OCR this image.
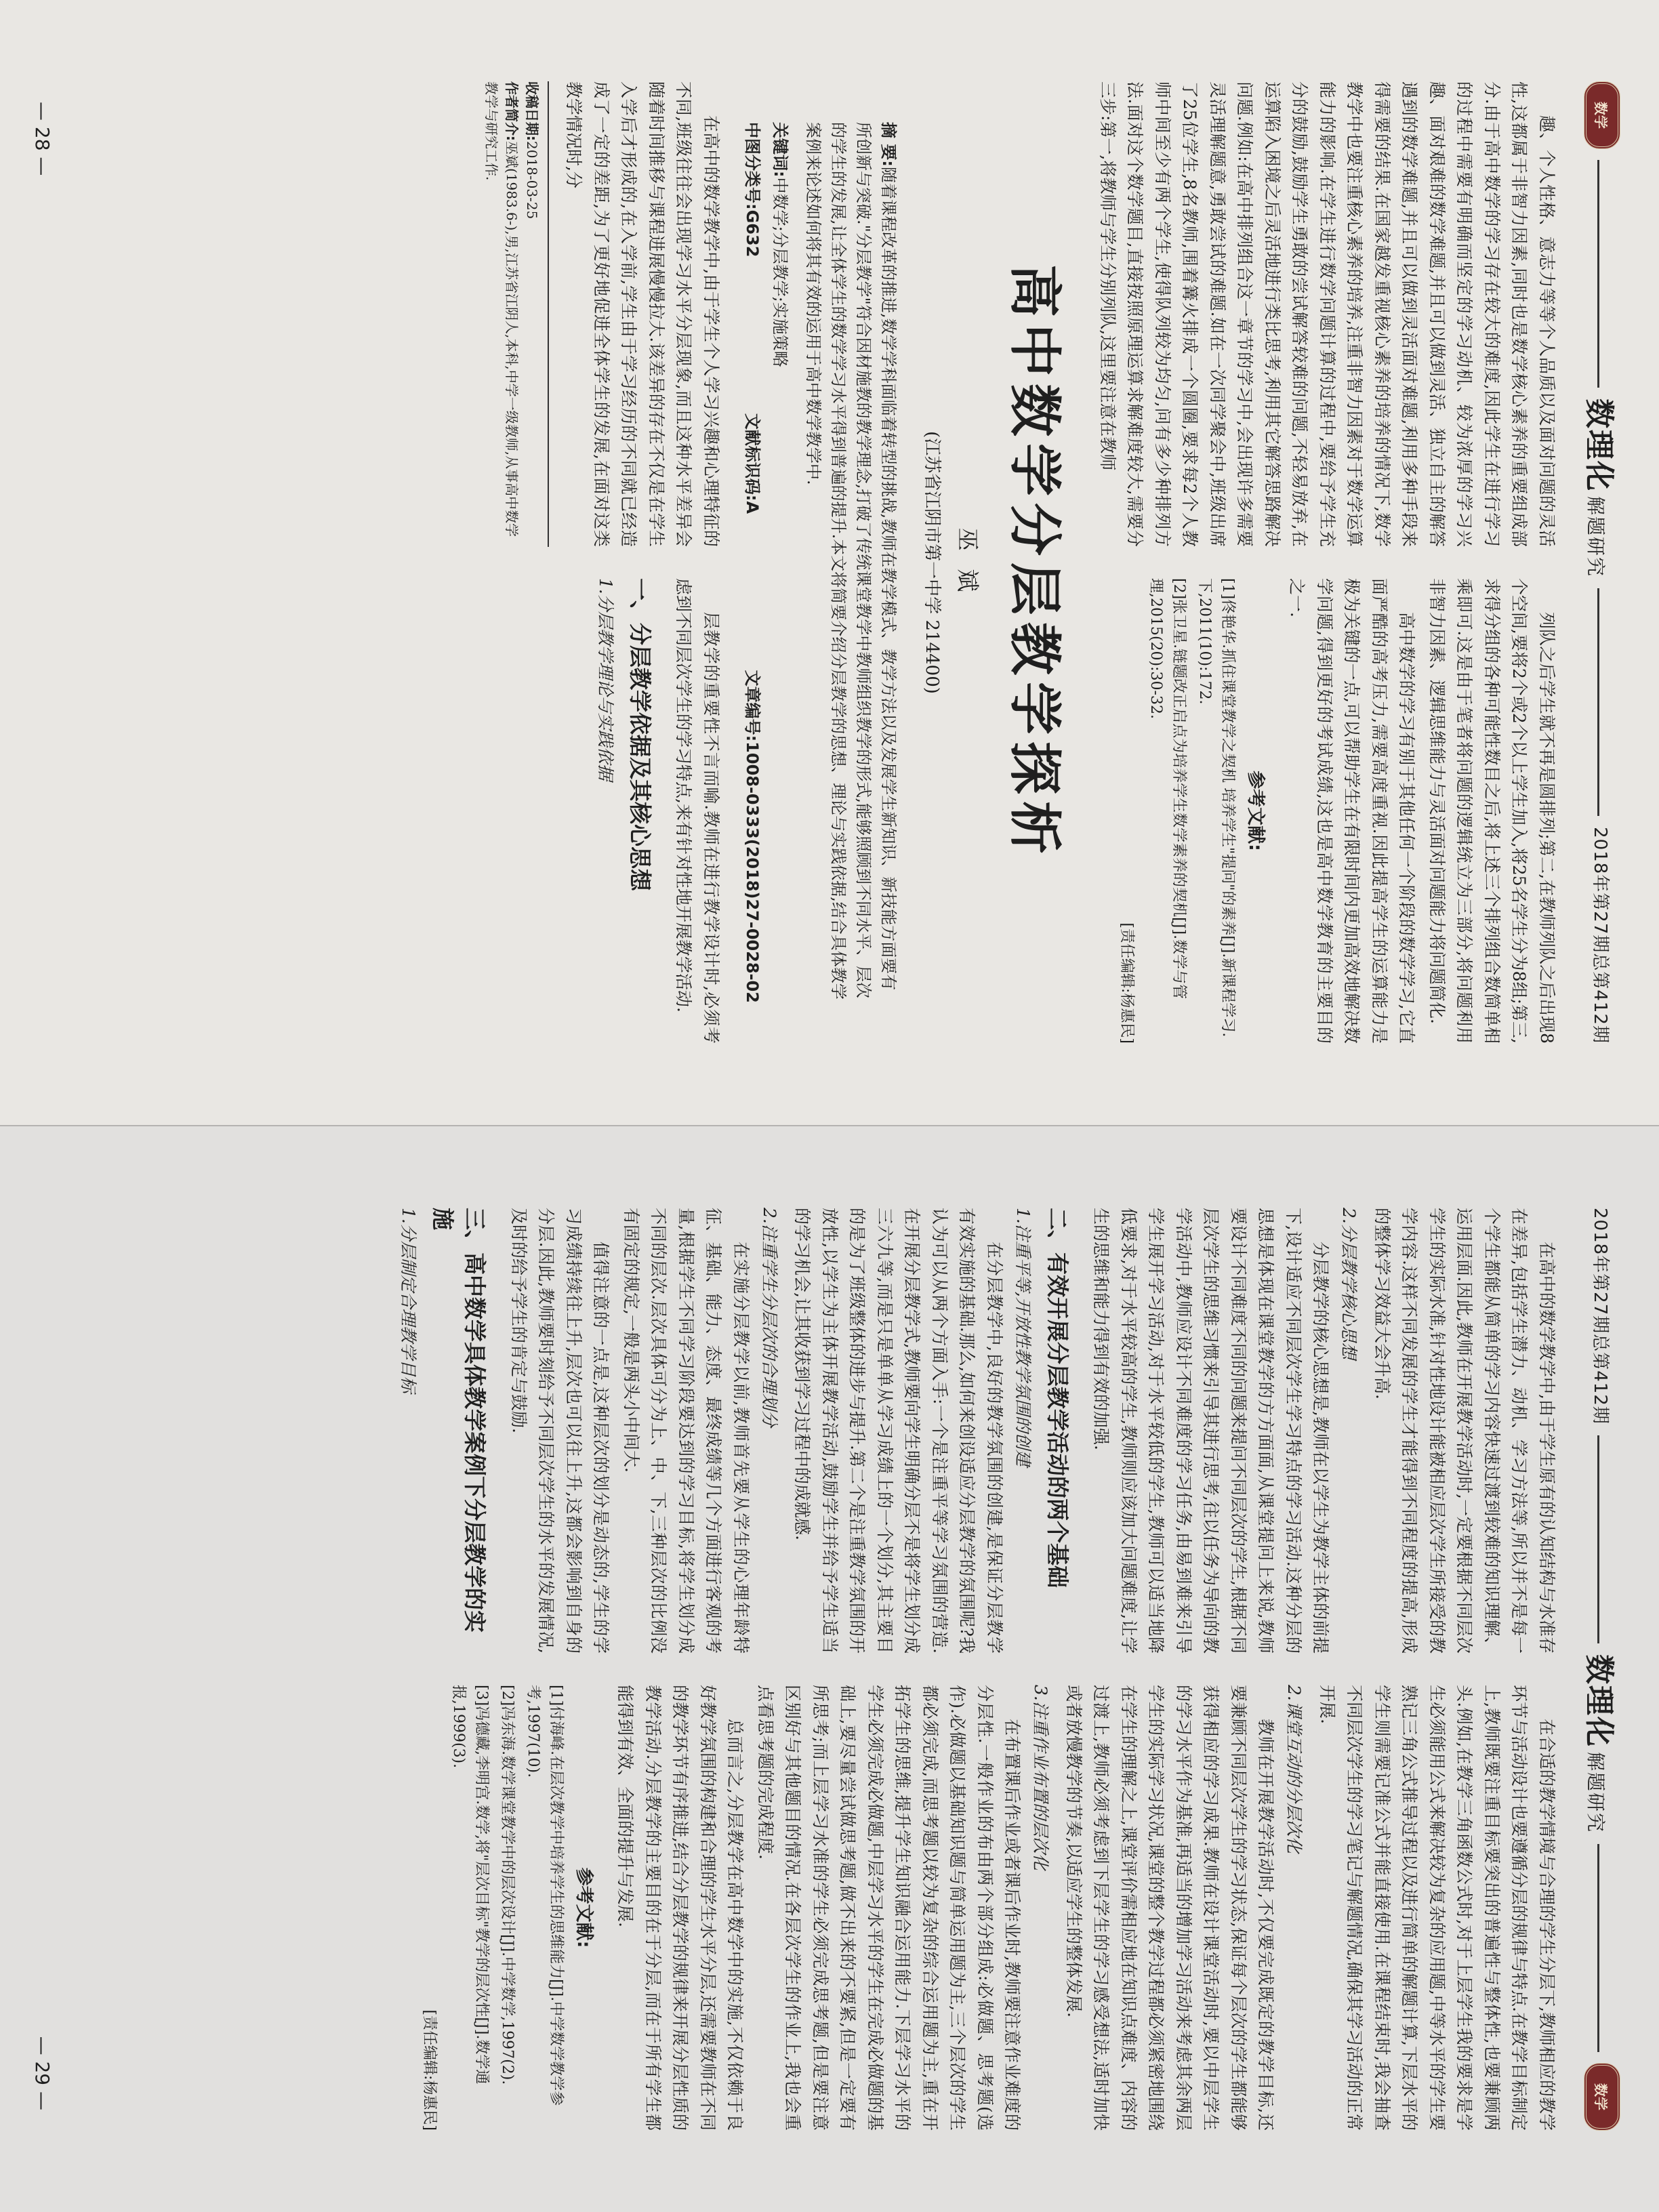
数学
数理化解题研究
2018年第27期总第412期

趣、个人性格、意志力等等个人品质以及面对问题的灵活性,这都属于非智力因素,同时也是数学核心素养的重要组成部分.由于高中数学的学习存在较大的难度,因此学生在进行学习的过程中需要有明确而坚定的学习动机、较为浓厚的学习兴趣、面对艰难的数学难题,并且可以做到灵活、独立自主的解答遇到的数学难题,并且可以做到灵活面对难题,利用多种手段来得需要的结果.在国家越发重视核心素养的培养的情况下,数学教学中也要注重核心素养的培养,注重非智力因素对于数学运算能力的影响.在学生进行数学问题计算的过程中,要给予学生充分的鼓励,鼓励学生勇敢的尝试解答较难的问题,不轻易放弃,在运算陷入困境之后灵活地进行类比思考,利用其它解答思路解决问题.例如:在高中排列组合这一章节的学习中,会出现许多需要灵活理解题意,勇敢尝试的难题.如在一次同学聚会中,班级出席了25位学生,8名教师,围着篝火排成一个圆圈,要求每2个人教师中间至少有两个学生,使得队列较为均匀,问有多少种排列方法.面对这个数学题目,直接按照原理运算求解难度较大,需要分三步:第一,将教师与学生分别列队,这里要注意在教师

列队之后学生就不再是圆排列;第二,在教师列队之后出现8个空间,要将2个或2个以上学生加入,将25名学生分为8组;第三,求得分组的各种可能性数目之后,将上述三个排列组合数简单相乘即可.这是由于笔者将问题的逻辑统立为三部分,将问题利用非智力因素、逻辑思维能力与灵活面对问题能力将问题简化.

高中数学的学习有别于其他任何一个阶段的数学学习,它直面严酷的高考压力,需要高度重视.因此提高学生的运算能力是极为关键的一点,可以帮助学生在有限时间内更加高效地解决数学问题,得到更好的考试成绩,这也是高中数学教育的主要目的之一.

参考文献:

[1]佟艳华.抓住课堂教学之契机 培养学生"提问"的素养[J].新课程学习.下,2011(10):172.

[2]张卫星.链题改正启点为培养学生数学素养的契机[J].数学与管理,2015(20):30-32.

[责任编辑:杨惠民]
高中数学分层教学探析
巫 斌
(江苏省江阴市第一中学 214400)
摘 要:随着课程改革的推进,数学学科面临着转型的挑战,教师在教学模式、教学方法以及发展学生新知识、新技能方面要有所创新与突破."分层教学"符合因材施教的教学理念,打破了传统课堂教学中教师组织教学的形式,能够照顾到不同水平、层次的学生的发展,让全体学生的数学学习水平得到普遍的提升.本文将简要介绍分层教学的思想、理论与实践依据,结合具体教学案例来论述如何将其有效的运用于高中数学教学中.
关键词:中数学;分层教学;实施策略
中图分类号:G632
文献标识码:A
文章编号:1008-0333(2018)27-0028-02

在高中的数学教学中,由于学生个人学习兴趣和心理特征的不同,班级往往会出现学习水平分层现象,而且这种水平差异会随着时间推移与课程进展慢慢拉大.该差异的存在不仅是在学生入学后才形成的,在入学前,学生由于学习经历的不同就已经造成了一定的差距,为了更好地促进全体学生的发展,在面对这类教学情况时,分

收稿日期:2018-03-25
作者简介:巫斌(1983.6-),男,江苏省江阴人,本科,中学一级教师,从事高中数学教学与研究工作.

层教学的重要性不言而喻.教师在进行教学设计时,必须考虑到不同层次学生的学习特点,来有针对性地开展教学活动.

一、分层教学依据及其核心思想
1.分层教学理论与实践依据
— 28 —
2018年第27期总第412期
数理化解题研究
数学

在高中的数学教学中,由于学生原有的认知结构与水准存在差异,包括学生潜力、动机、学习方法等,所以并不是每一个学生都能从简单的学习内容快速过渡到较难的知识理解、运用层面.因此,教师在开展教学活动时,一定要根据不同层次学生的实际水准,针对性地设计能被相应层次学生所接受的教学内容.这样不同发展的学生才能得到不同程度的提高,形成的整体学习效益大会升高.

2.分层教学核心思想

分层教学的核心思想是,教师在以学生为教学主体的前提下,设计适应不同层次学生学习特点的学习活动.这种分层的思想是体现在课堂教学的方方面面,从课堂提问上来说,教师要设计不同难度不同的问题来提问不同层次的学生,根据不同层次学生的思维习惯来引导其进行思考,往以任务为导向的教学活动中,教师应设计不同难度的学习任务,由易到难来引导学生展开学习活动,对于水平较低的学生,教师可以适当地降低要求,对于水平较高的学生,教师则应该加大问题难度,让学生的思维和能力得到有效的加强.

二、有效开展分层教学活动的两个基础
1.注重平等,开放性教学氛围的创建

在分层教学中,良好的教学氛围的创建,是保证分层教学有效实施的基础.那么,如何来创设适应分层教学的氛围呢?我认为可以从两个方面入手:一个是注重平等学习氛围的营造.在开展分层教学式,教师要向学生明确分层不是将学生划分成三六九等,而是只是单单从学习成绩上的一个划分,其主要目的是为了班级整体的进步与提升.第二个是注重教学氛围的开放性,以学生为主体开展教学活动,鼓励学生并给予学生适当的学习机会,让其收获到学习过程中的成就感.

2.注重学生分层次的合理划分

在实施分层教学以前,教师首先要从学生的心理年龄特征、基础、能力、态度、最终成绩等几个方面进行客观的考量,根据学生不同学习阶段要达到的学习目标,将学生划分成不同的层次.层次具体可分为上、中、下,三种层次的比例没有固定的规定,一般是两头小中间大.

值得注意的一点是,这种层次的划分是动态的,学生的学习成绩持续往上升,层次也可以往上升,这都会影响到自身的分层.因此,教师要时刻给予不同层次学生的水平的发展情况,及时的给予学生的肯定与鼓励.

三、高中数学具体教学案例下分层教学的实施
1.分层制定合理教学目标

在合适的教学情境与合理的学生分层下,教师相应的教学环节与活动设计也要遵循分层的规律与特点.在教学目标制定上,教师既要注重目标要突出的普遍性与整体性,也要兼顾两头.例如,在教学三角函数公式时,对于上层学生我的要求是学生必须能用公式来解决较为复杂的应用题,中等水平的学生要熟记三角公式推导过程以及进行简单的解题计算,下层水平的学生则需要记准公式并能直接使用.在课程结束时,我会抽查不同层次学生的学习笔记与解题情况,确保其学习活动的正常开展.

2.课堂互动的分层次化

教师在开展教学活动时,不仅要完成既定的教学目标,还要兼顾不同层次学生的学习状态,保证每个层次的学生都能够获得相应的学习成果.教师在设计课堂活动时,要以中层学生的学习水平作为基准,再适当的增加学习活动来考虑其余两层学生的实际学习状况,课堂的整个教学过程都必须紧密地围绕在学生的理解之上,课堂评价需相应地在知识点难度、内容的过渡上,教师必须考虑到下层学生的学习感受想法,适时加快或者放慢教学的节奏,以适应学生的整体发展.

3.注重作业布置的层次化

在布置课后作业或者课后作业时,教师要注意作业难度的分层性.一般作业的布由两个部分组成:必做题、思考题(选作).必做题以基础知识题与简单运用题为主,三个层次的学生都必须完成,而思考题以较为复杂的综合运用题为主,重在开拓学生的思维,提升学生知识融合运用能力.下层学习水平的学生必须完成必做题,中层学习水平的学生在完成必做题的基础上,要尽量尝试做思考题,做不出来的不要紧,但是一定要有所思考;而上层学习水准的学生必须完成思考题,但是要注意区别好与其他题目的情况.在各层次学生的作业上,我也会重点看思考题的完成程度.

总而言之,分层教学在高中数学中的实施,不仅依赖于良好教学氛围的构建和合理的学生水平分层,还需要教师在不同的教学环节有序推进,结合分层教学的规律来开展分层性质的教学活动.分层教学的主要目的在于分层,而在于所有学生都能得到有效、全面的提升与发展.

参考文献:

[1]付海峰.在层次教学中培养学生的思维能力[J].中学数学教学参考,1997(10).

[2]冯东海.数学课堂教学中的层次设计[J].中学数学,1997(2).

[3]冯德藏,李明宫.数学,将"层次目标"教学的层次性[J].数学通报,1999(3).

[责任编辑:杨惠民]
— 29 —
